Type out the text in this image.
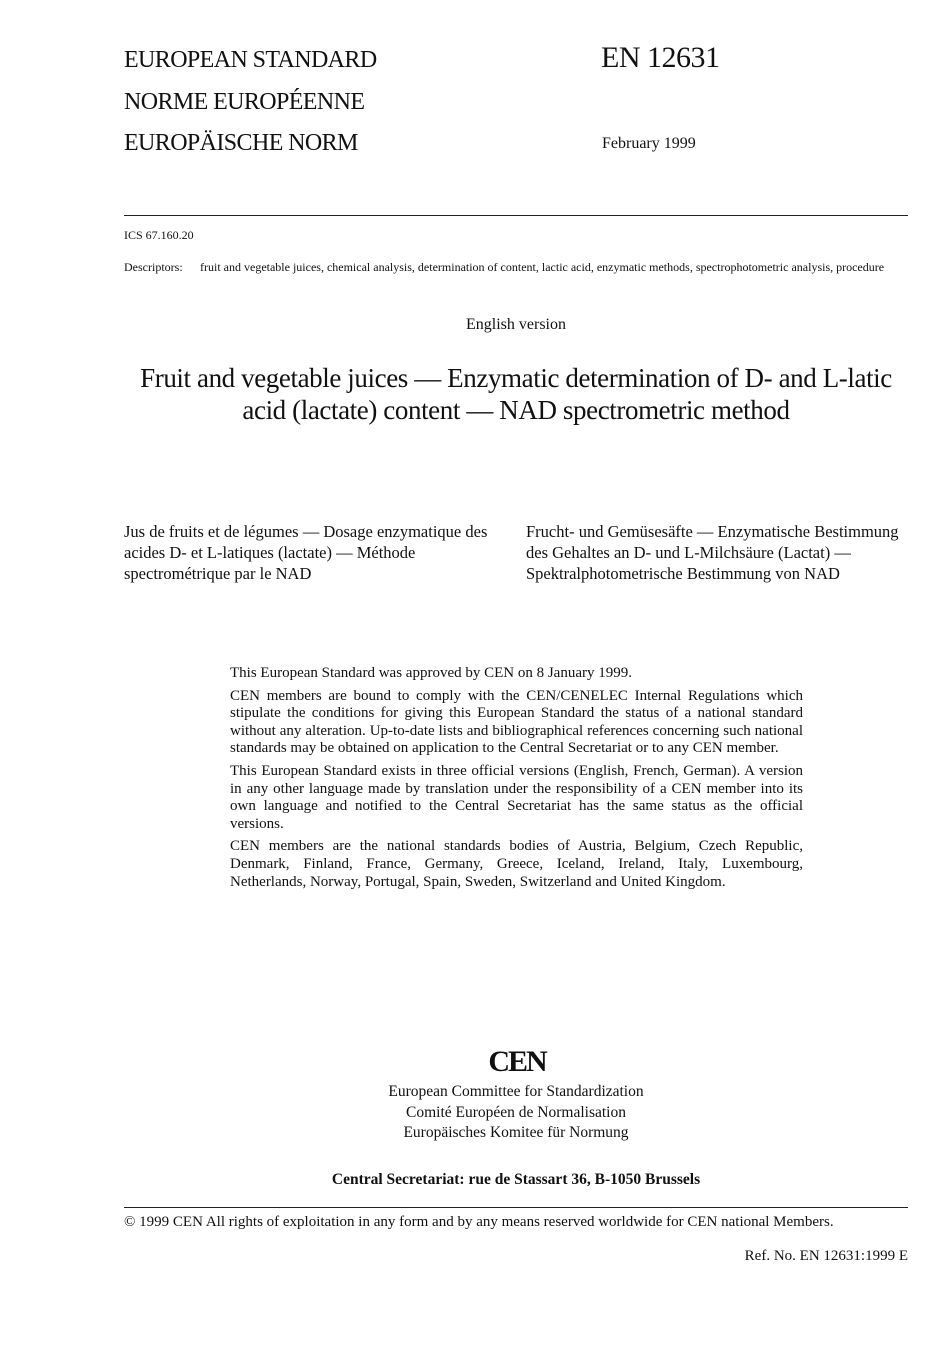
EUROPEAN STANDARD
NORME EUROPÉENNE
EUROPÄISCHE NORM
EN 12631
February 1999
ICS 67.160.20
Descriptors:	fruit and vegetable juices, chemical analysis, determination of content, lactic acid, enzymatic methods, spectrophotometric analysis, procedure
English version
Fruit and vegetable juices — Enzymatic determination of D- and L-latic acid (lactate) content — NAD spectrometric method
Jus de fruits et de légumes — Dosage enzymatique des acides D- et L-latiques (lactate) — Méthode spectrométrique par le NAD
Frucht- und Gemüsesäfte — Enzymatische Bestimmung des Gehaltes an D- und L-Milchsäure (Lactat) — Spektralphotometrische Bestimmung von NAD

This European Standard was approved by CEN on 8 January 1999.

CEN members are bound to comply with the CEN/CENELEC Internal Regulations which stipulate the conditions for giving this European Standard the status of a national standard without any alteration. Up-to-date lists and bibliographical references concerning such national standards may be obtained on application to the Central Secretariat or to any CEN member.

This European Standard exists in three official versions (English, French, German). A version in any other language made by translation under the responsibility of a CEN member into its own language and notified to the Central Secretariat has the same status as the official versions.

CEN members are the national standards bodies of Austria, Belgium, Czech Republic, Denmark, Finland, France, Germany, Greece, Iceland, Ireland, Italy, Luxembourg, Netherlands, Norway, Portugal, Spain, Sweden, Switzerland and United Kingdom.

CEN
European Committee for Standardization
Comité Européen de Normalisation
Europäisches Komitee für Normung
Central Secretariat: rue de Stassart 36, B-1050 Brussels
© 1999 CEN All rights of exploitation in any form and by any means reserved worldwide for CEN national Members.
Ref. No. EN 12631:1999 E
